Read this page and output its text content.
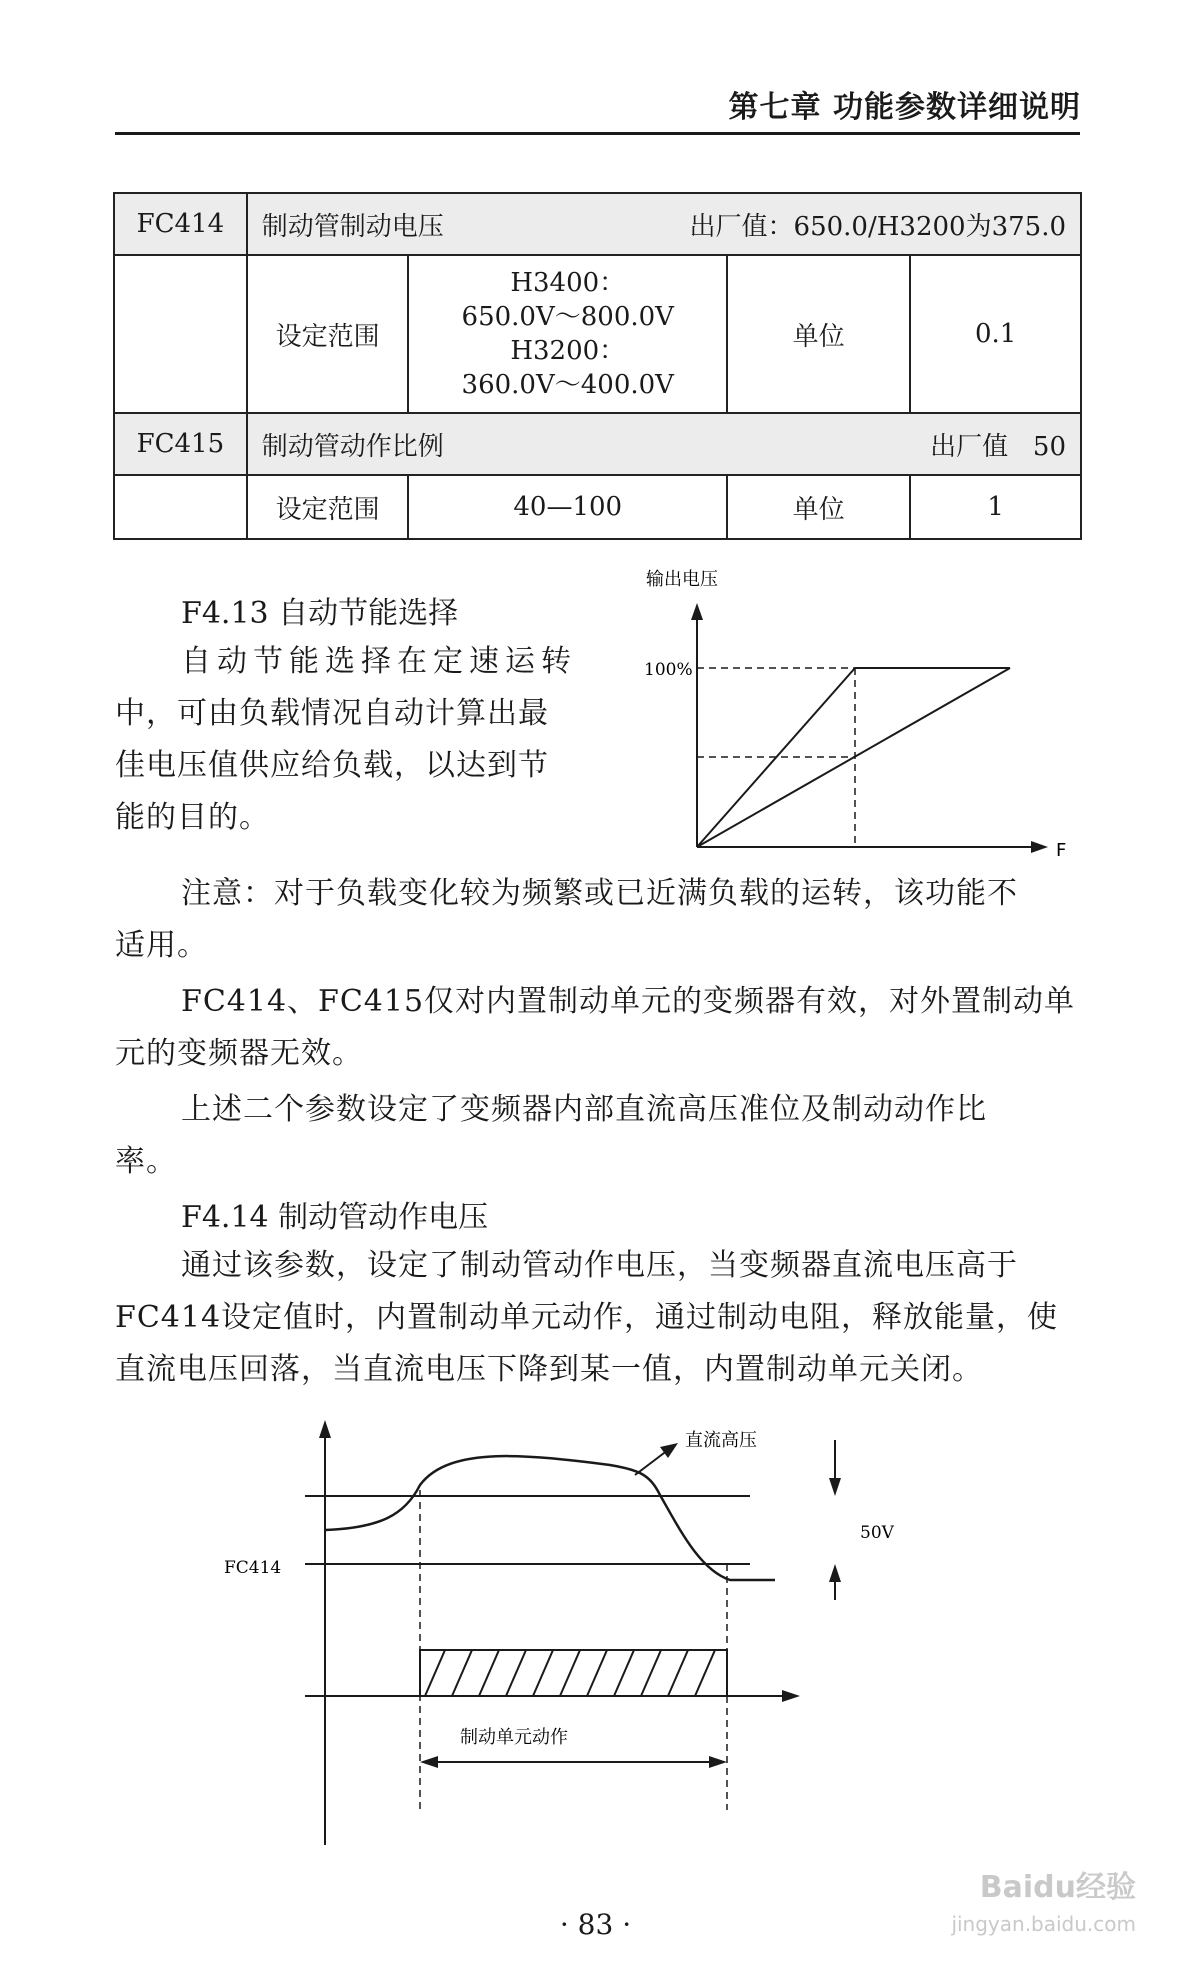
第七章 功能参数详细说明
FC414	制动管制动电压 出厂值：650.0/H3200为375.0			

	设定范围	H3400：
650.0V～800.0V
H3200：
360.0V～400.0V	单位	0.1
FC415	制动管动作比例 出厂值 50			

	设定范围	40—100	单位	1
F4.13 自动节能选择
自动节能选择在定速运转
中，可由负载情况自动计算出最
佳电压值供应给负载，以达到节
能的目的。
输出电压
100%
F
注意：对于负载变化较为频繁或已近满负载的运转，该功能不
适用。
FC414、FC415仅对内置制动单元的变频器有效，对外置制动单
元的变频器无效。
上述二个参数设定了变频器内部直流高压准位及制动动作比
率。
F4.14 制动管动作电压
通过该参数，设定了制动管动作电压，当变频器直流电压高于
FC414设定值时，内置制动单元动作，通过制动电阻，释放能量，使
直流电压回落，当直流电压下降到某一值，内置制动单元关闭。
FC414
直流高压
50V
制动单元动作
· 83 ·
Baidu经验
jingyan.baidu.com
